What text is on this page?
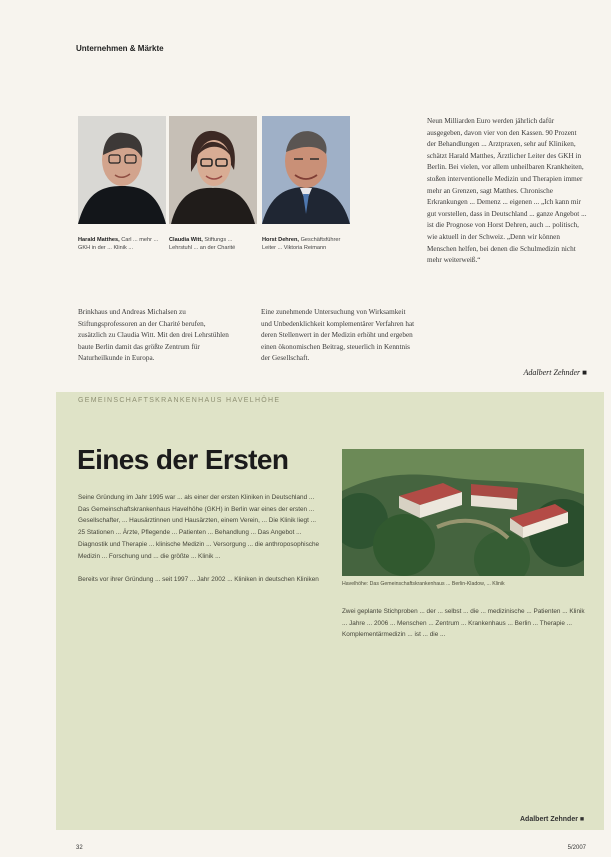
Unternehmen & Märkte
Harald Matthes, Carl ... mehr ... GKH in der ... Klinik ...
Claudia Witt, Stiftungs ... Lehrstuhl ... an der Charité
Horst Dehren, Geschäftsführer Leiter ... Viktoria Reimann
Brinkhaus und Andreas Michalsen zu Stiftungsprofessoren an der Charité berufen, zusätzlich zu Claudia Witt. Mit den drei Lehrstühlen baute Berlin damit das größte Zentrum für Naturheilkunde in Europa.
Eine zunehmende Untersuchung von Wirksamkeit und Unbedenklichkeit komplementärer Verfahren hat deren Stellenwert in der Medizin erhöht und ergeben einen ökonomischen Beitrag, steuerlich in Kenntnis der Gesellschaft.
Neun Milliarden Euro werden jährlich dafür ausgegeben, davon vier von den Kassen. 90 Prozent der Behandlungen ... Arztpraxen, sehr auf Kliniken, schätzt Harald Matthes, Ärztlicher Leiter des GKH in Berlin. Bei vielen, vor allem unheilbaren Krankheiten, stoßen interventionelle Medizin und Therapien immer mehr an Grenzen, sagt Matthes. Chronische Erkrankungen ... Demenz ... eigenen ... „Ich kann mir gut vorstellen, dass in Deutschland ... ganze Angebot ... ist die Prognose von Horst Dehren, auch ... politisch, wie aktuell in der Schweiz. „Denn wir können Menschen helfen, bei denen die Schulmedizin nicht mehr weiterweiß.“
Adalbert Zehnder ■
GEMEINSCHAFTSKRANKENHAUS HAVELHÖHE
Eines der Ersten
Havelhöhe: Das Gemeinschaftskrankenhaus ... Berlin-Kladow, ... Klinik
Seine Gründung im Jahr 1995 war ... als einer der ersten Kliniken in Deutschland ... Das Gemeinschaftskrankenhaus Havelhöhe (GKH) in Berlin war eines der ersten ... Gesellschafter, ... Hausärztinnen und Hausärzten, einem Verein, ... Die Klinik liegt ... 25 Stationen ... Ärzte, Pflegende ... Patienten ... Behandlung ... Das Angebot ... Diagnostik und Therapie ... klinische Medizin ... Versorgung ... die anthroposophische Medizin ... Forschung und ... die größte ... Klinik ...

Bereits vor ihrer Gründung ... seit 1997 ... Jahr 2002 ... Kliniken in deutschen Kliniken
Zwei geplante Stichproben ... der ... selbst ... die ... medizinische ... Patienten ... Klinik ... Jahre ... 2006 ... Menschen ... Zentrum ... Krankenhaus ... Berlin ... Therapie ... Komplementärmedizin ... ist ... die ...
Adalbert Zehnder ■
32	5/2007
